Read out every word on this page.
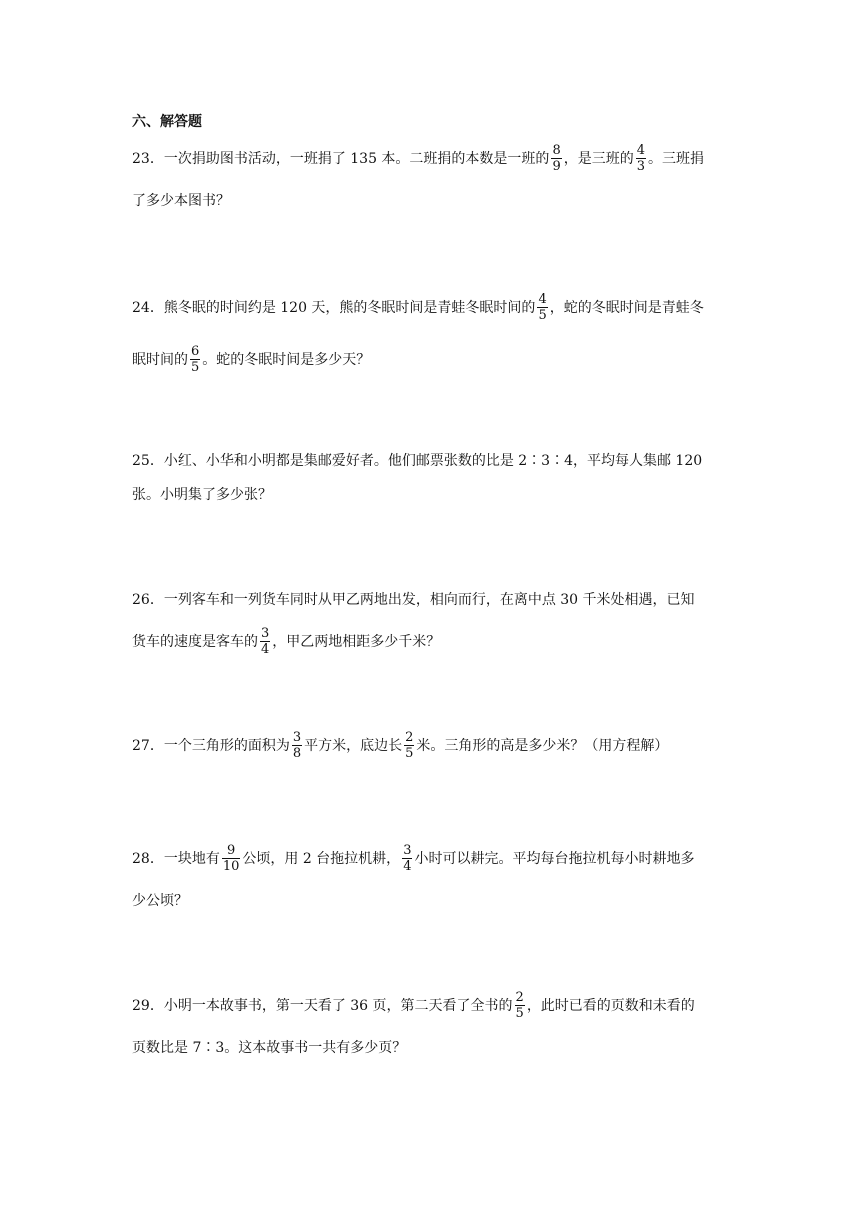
六、解答题
23．一次捐助图书活动，一班捐了 135 本。二班捐的本数是一班的 $\frac{8}{9}$ ，是三班的 $\frac{4}{3}$ 。三班捐
了多少本图书？
24．熊冬眠的时间约是 120 天，熊的冬眠时间是青蛙冬眠时间的 $\frac{4}{5}$ ，蛇的冬眠时间是青蛙冬
眠时间的 $\frac{6}{5}$ 。蛇的冬眠时间是多少天？
25．小红、小华和小明都是集邮爱好者。他们邮票张数的比是 2∶3∶4，平均每人集邮 120
张。小明集了多少张？
26．一列客车和一列货车同时从甲乙两地出发，相向而行，在离中点 30 千米处相遇，已知
货车的速度是客车的 $\frac{3}{4}$ ，甲乙两地相距多少千米？
27．一个三角形的面积为 $\frac{3}{8}$ 平方米，底边长 $\frac{2}{5}$ 米。三角形的高是多少米？（用方程解）
28．一块地有 $\frac{9}{10}$ 公顷，用 2 台拖拉机耕， $\frac{3}{4}$ 小时可以耕完。平均每台拖拉机每小时耕地多
少公顷？
29．小明一本故事书，第一天看了 36 页，第二天看了全书的 $\frac{2}{5}$ ，此时已看的页数和未看的
页数比是 7∶3。这本故事书一共有多少页？
